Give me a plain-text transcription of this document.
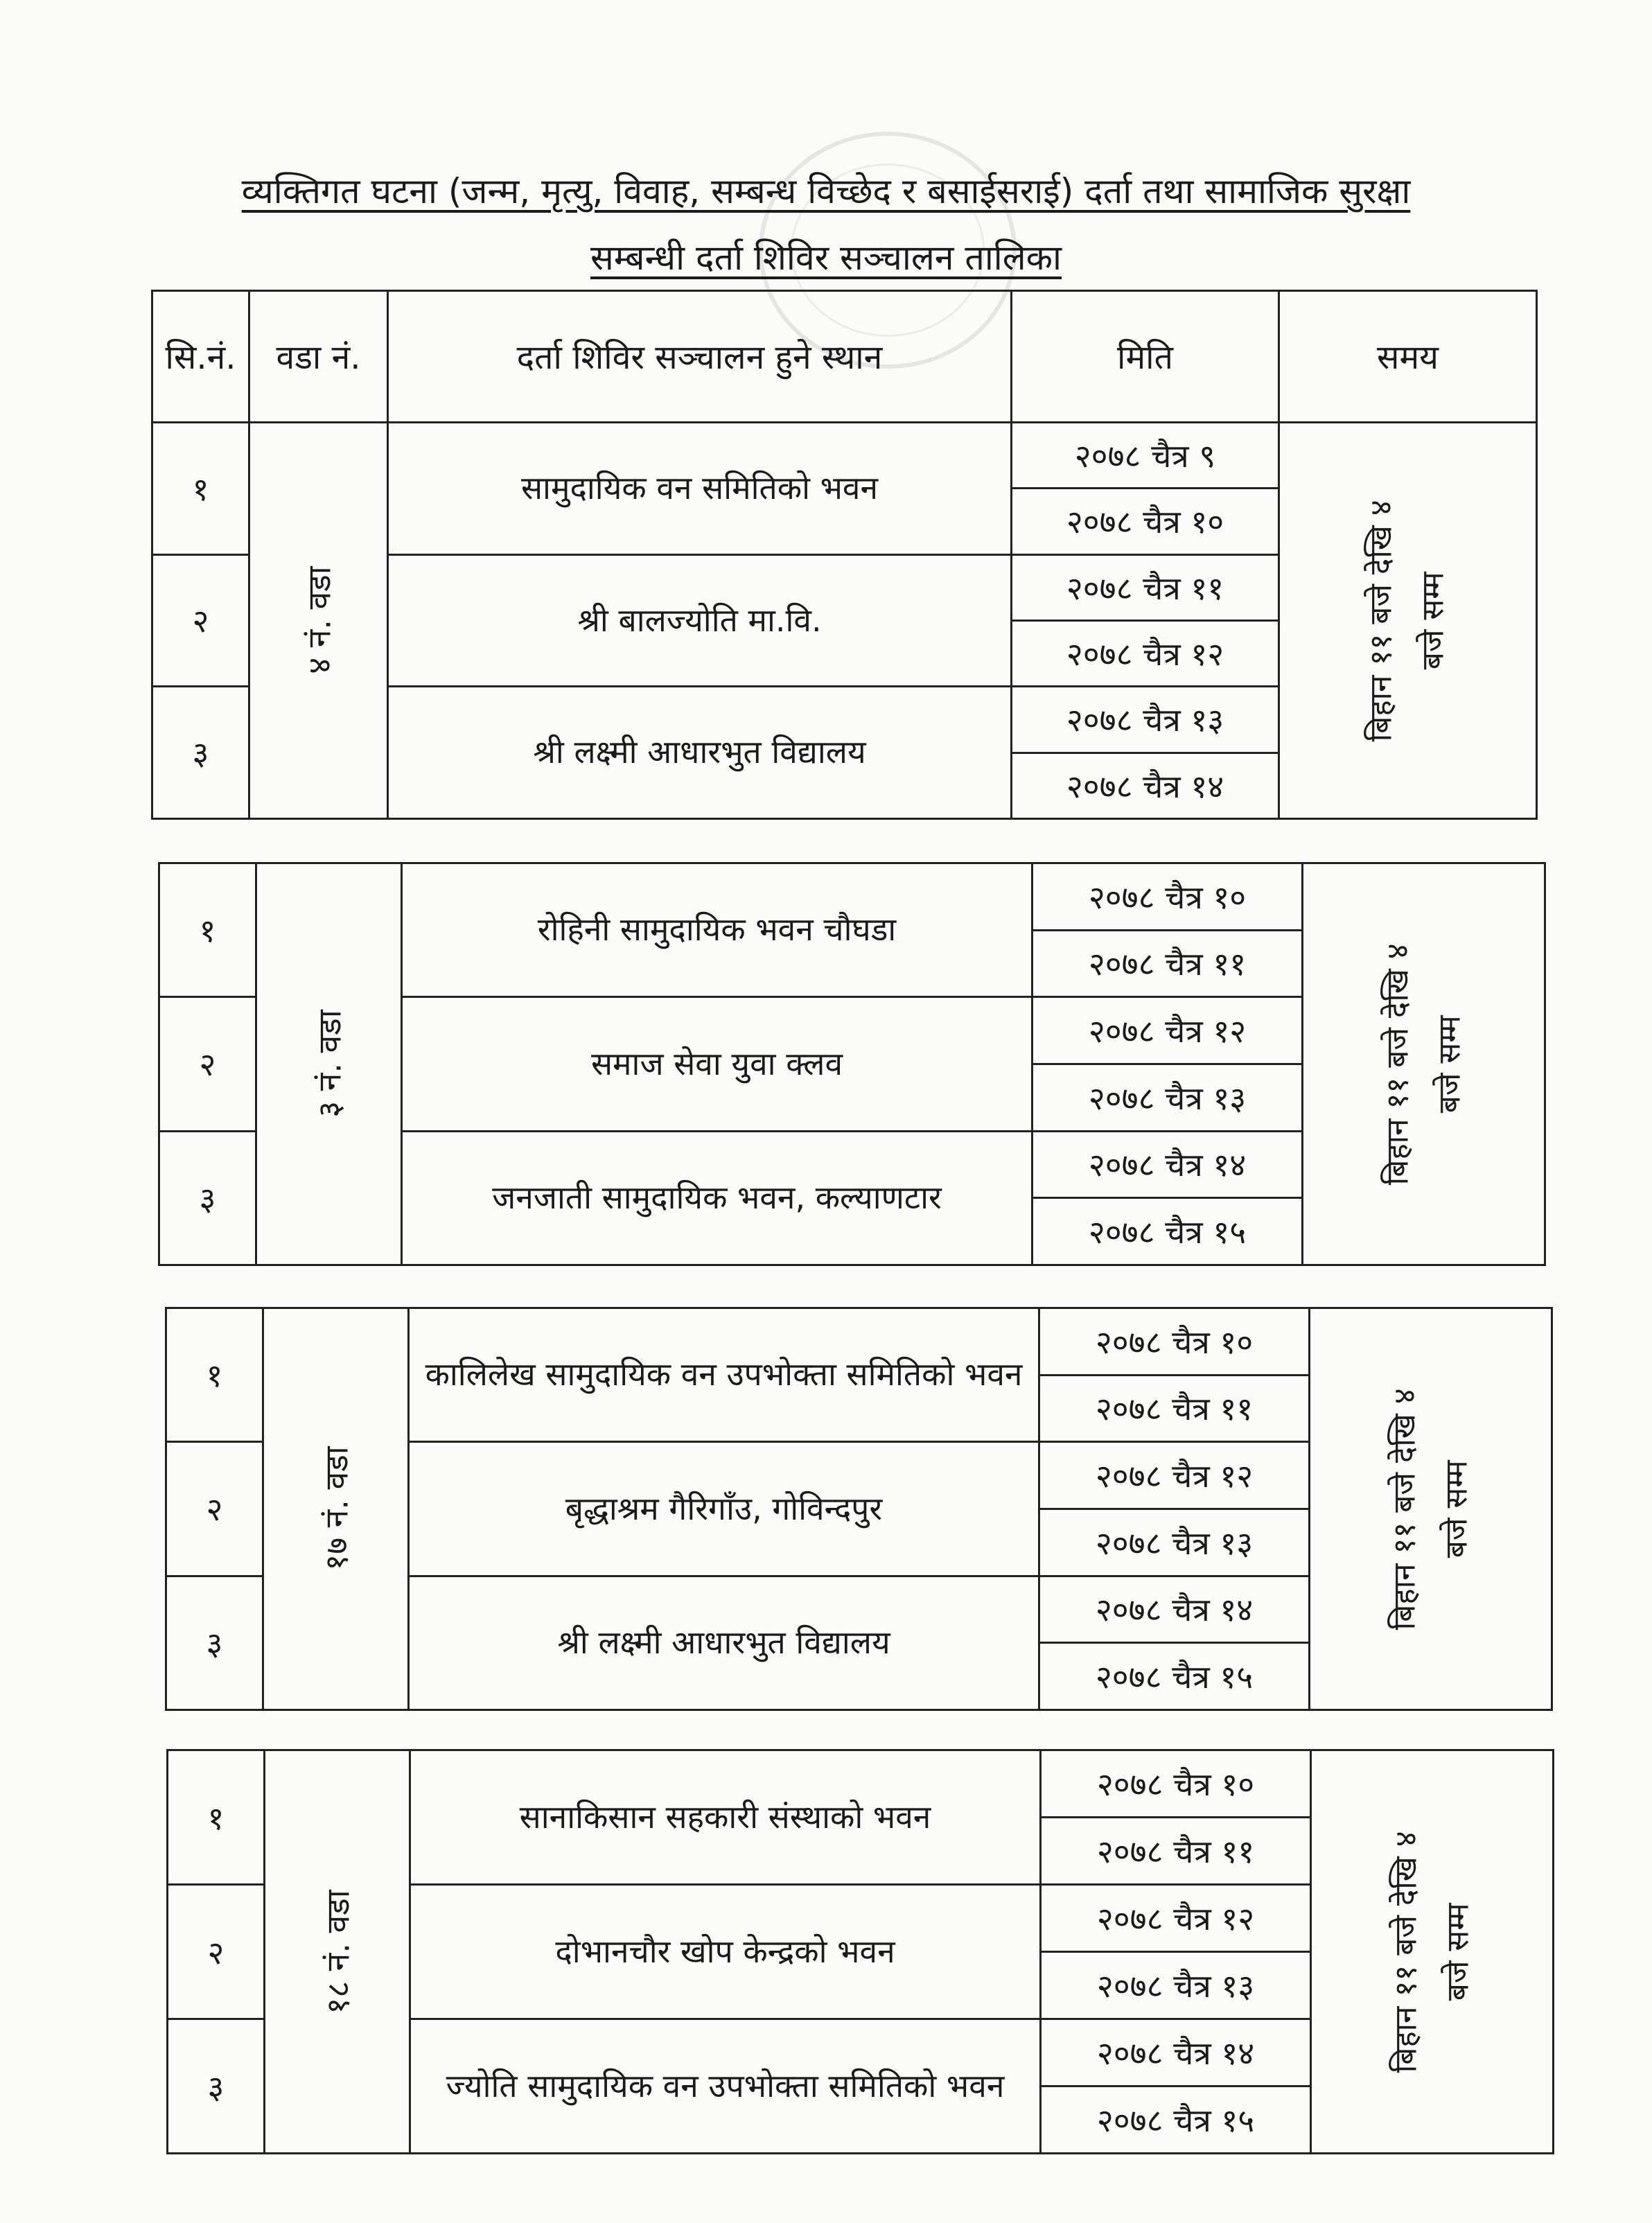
व्यक्तिगत घटना (जन्म, मृत्यु, विवाह, सम्बन्ध विच्छेद र बसाईसराई) दर्ता तथा सामाजिक सुरक्षा
सम्बन्धी दर्ता शिविर सञ्चालन तालिका
सि.नं.	वडा नं.	दर्ता शिविर सञ्चालन हुने स्थान	मिति	समय
१	४ नं. वडा	सामुदायिक वन समितिको भवन	२०७८ चैत्र ९	बिहान ११ बजे देखि ४ बजे सम्म

			२०७८ चैत्र १०	
२		श्री बालज्योति मा.वि.	२०७८ चैत्र ११	
			२०७८ चैत्र १२	
३		श्री लक्ष्मी आधारभुत विद्यालय	२०७८ चैत्र १३	
			२०७८ चैत्र १४	
१	३ नं. वडा	रोहिनी सामुदायिक भवन चौघडा	२०७८ चैत्र १०	बिहान ११ बजे देखि ४ बजे सम्म

			२०७८ चैत्र ११	
२		समाज सेवा युवा क्लव	२०७८ चैत्र १२	
			२०७८ चैत्र १३	
३		जनजाती सामुदायिक भवन, कल्याणटार	२०७८ चैत्र १४	
			२०७८ चैत्र १५	
१	१७ नं. वडा	कालिलेख सामुदायिक वन उपभोक्ता समितिको भवन	२०७८ चैत्र १०	बिहान ११ बजे देखि ४ बजे सम्म

			२०७८ चैत्र ११	
२		बृद्धाश्रम गैरिगाँउ, गोविन्दपुर	२०७८ चैत्र १२	
			२०७८ चैत्र १३	
३		श्री लक्ष्मी आधारभुत विद्यालय	२०७८ चैत्र १४	
			२०७८ चैत्र १५	
१	१८ नं. वडा	सानाकिसान सहकारी संस्थाको भवन	२०७८ चैत्र १०	बिहान ११ बजे देखि ४ बजे सम्म

			२०७८ चैत्र ११	
२		दोभानचौर खोप केन्द्रको भवन	२०७८ चैत्र १२	
			२०७८ चैत्र १३	
३		ज्योति सामुदायिक वन उपभोक्ता समितिको भवन	२०७८ चैत्र १४	
			२०७८ चैत्र १५	
